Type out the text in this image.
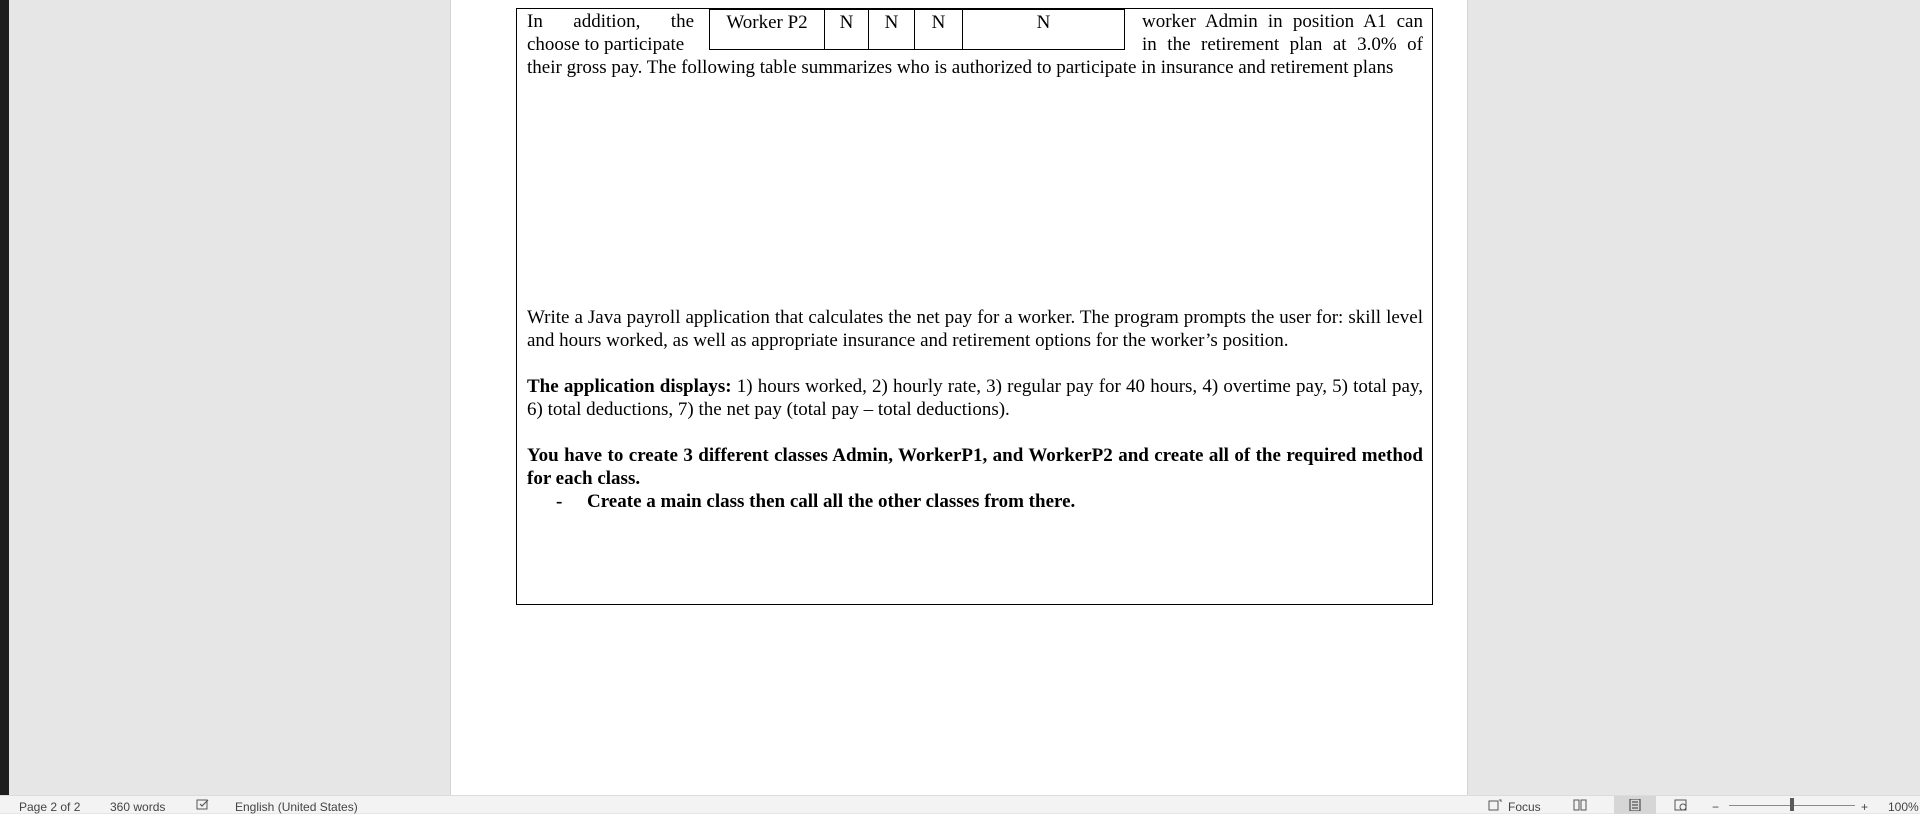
In addition, the
choose to participate
Worker P2	N	N	N	N	worker Admin in position A1 can
in the retirement plan at 3.0% of
their gross pay. The following table summarizes who is authorized to participate in insurance and retirement plans
Write a Java payroll application that calculates the net pay for a worker. The program prompts the user for: skill level and hours worked, as well as appropriate insurance and retirement options for the worker’s position.
The application displays: 1) hours worked, 2) hourly rate, 3) regular pay for 40 hours, 4) overtime pay, 5) total pay, 6) total deductions, 7) the net pay (total pay – total deductions).
You have to create 3 different classes Admin, WorkerP1, and WorkerP2 and create all of the required method for each class.
- Create a main class then call all the other classes from there.
Page 2 of 2 360 words	English (United States)	Focus	−	+ 100%
